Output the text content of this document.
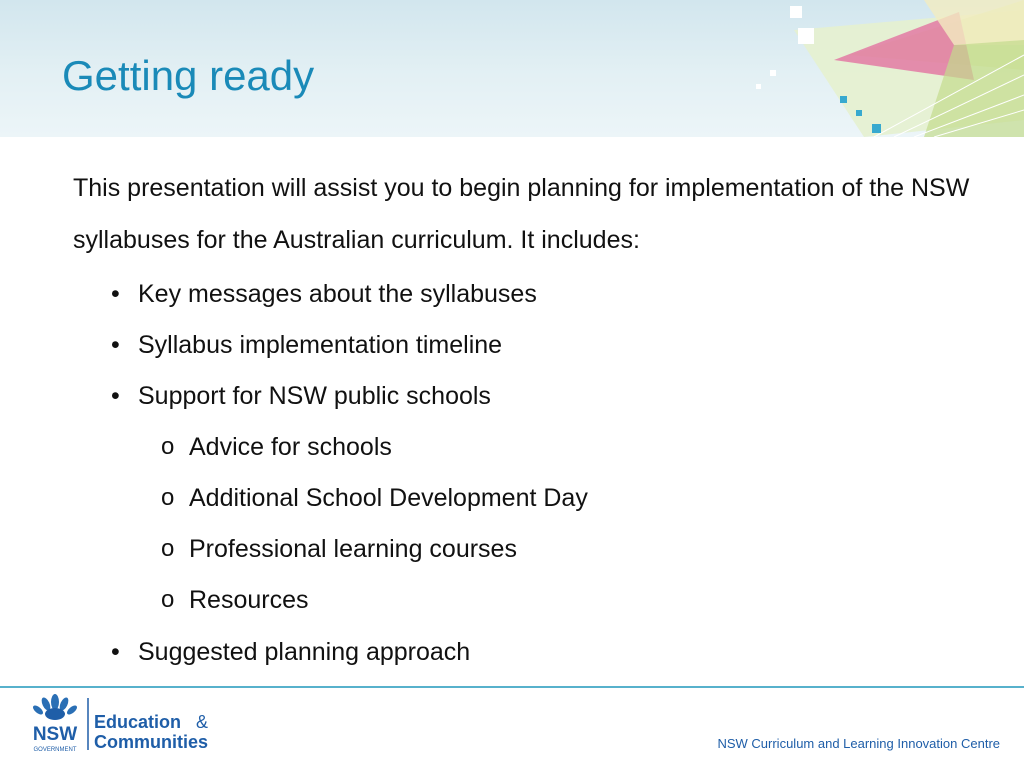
Getting ready
This presentation will assist you to begin planning for implementation of the NSW syllabuses for the Australian curriculum. It includes:
• Key messages about the syllabuses
• Syllabus implementation timeline
• Support for NSW public schools
o Advice for schools
o Additional School Development Day
o Professional learning courses
o Resources
• Suggested planning approach
NSW
GOVERNMENT
Education &
Communities	NSW Curriculum and Learning Innovation Centre
